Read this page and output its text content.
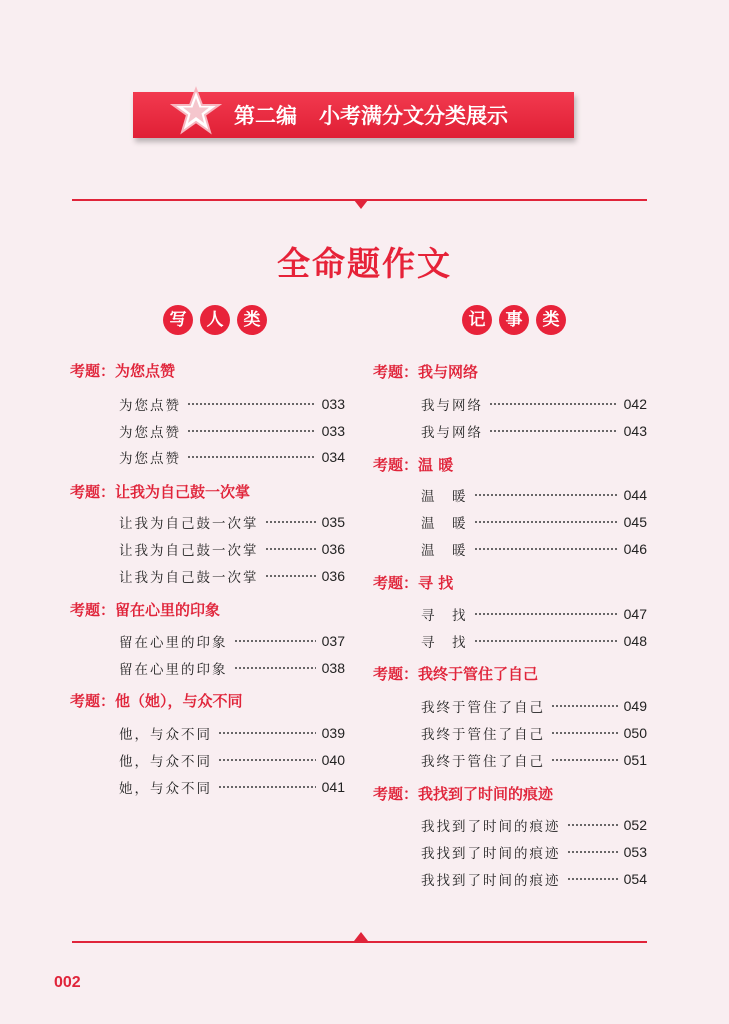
第二编 小考满分文分类展示
全命题作文
写	人	类	记	事	类
考题：为您点赞
为您点赞	033
为您点赞	033
为您点赞	034
考题：让我为自己鼓一次掌
让我为自己鼓一次掌	035
让我为自己鼓一次掌	036
让我为自己鼓一次掌	036
考题：留在心里的印象
留在心里的印象	037
留在心里的印象	038
考题：他（她），与众不同
他，与众不同	039
他，与众不同	040
她，与众不同	041
考题：我与网络
我与网络	042
我与网络	043
考题：温 暖
温　暖	044
温　暖	045
温　暖	046
考题：寻 找
寻　找	047
寻　找	048
考题：我终于管住了自己
我终于管住了自己	049
我终于管住了自己	050
我终于管住了自己	051
考题：我找到了时间的痕迹
我找到了时间的痕迹	052
我找到了时间的痕迹	053
我找到了时间的痕迹	054
002
